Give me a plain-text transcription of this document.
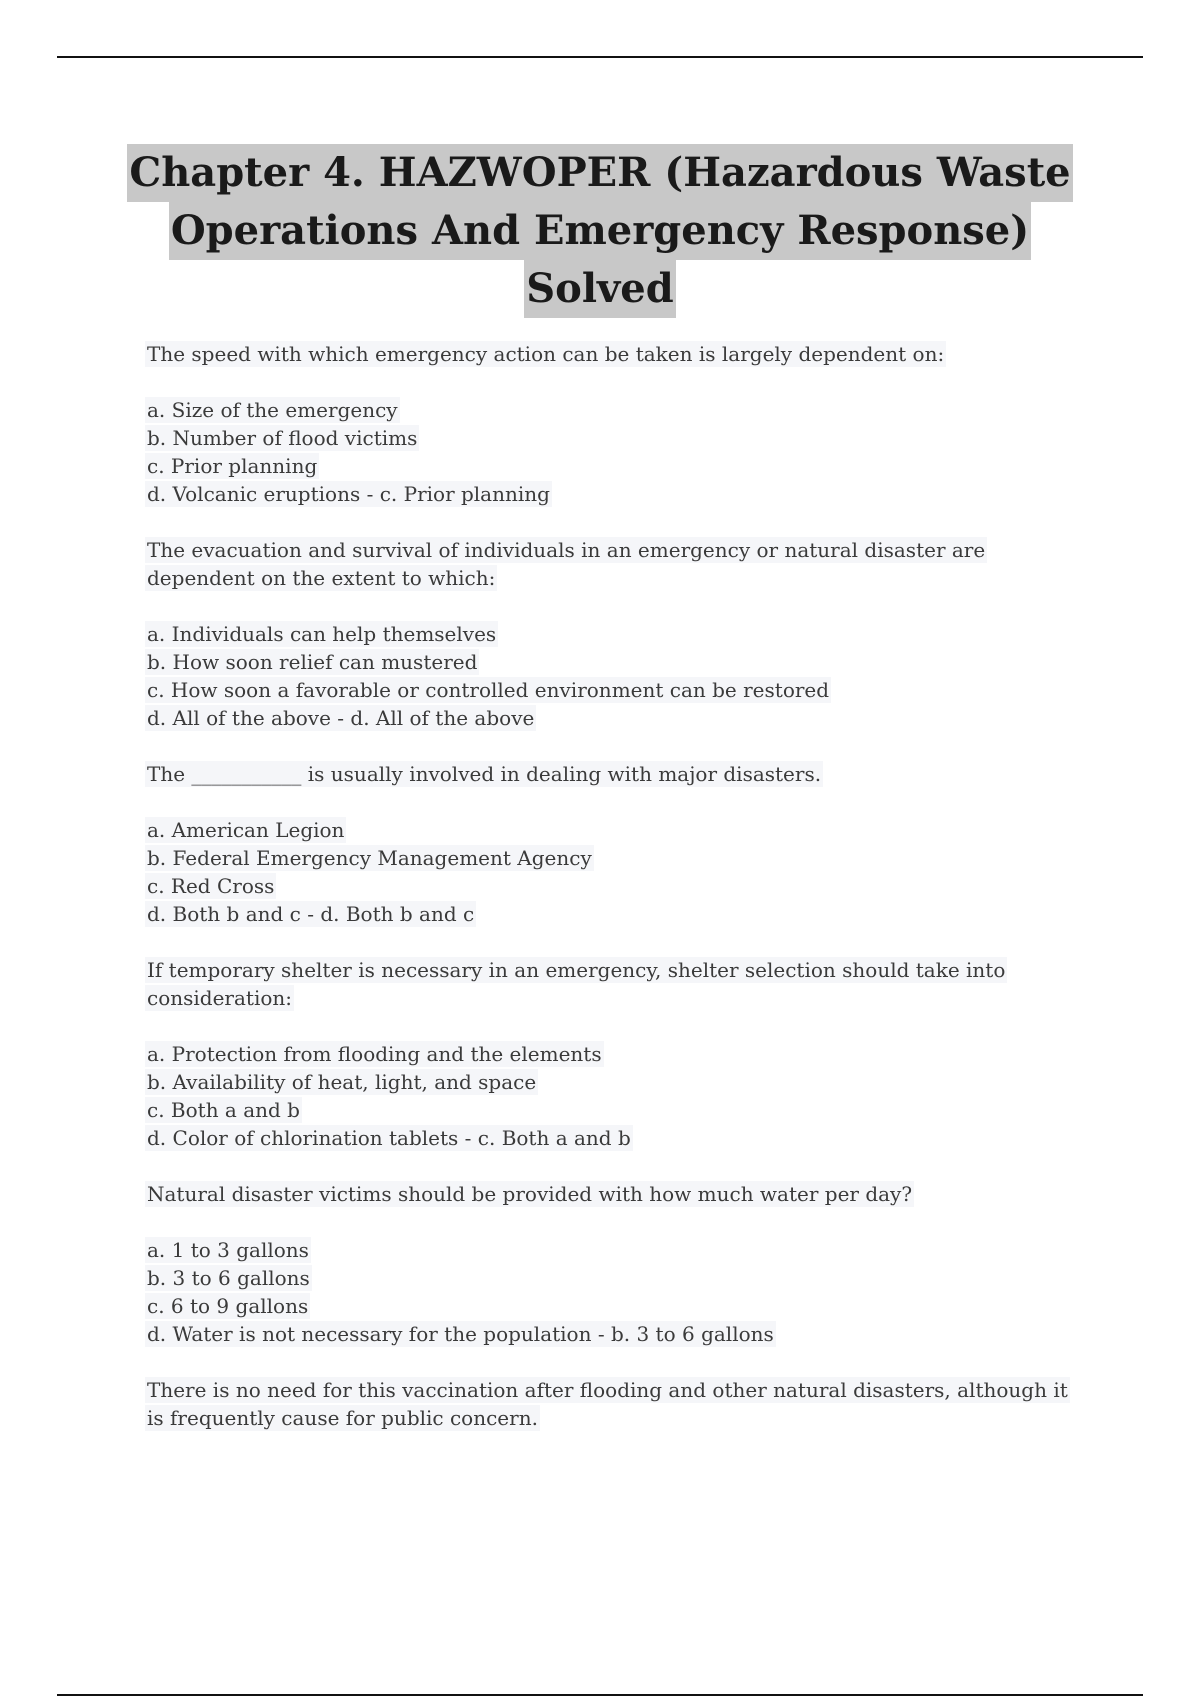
Chapter 4. HAZWOPER (Hazardous Waste
Operations And Emergency Response)
Solved
The speed with which emergency action can be taken is largely dependent on:
a. Size of the emergency
b. Number of flood victims
c. Prior planning
d. Volcanic eruptions - c. Prior planning
The evacuation and survival of individuals in an emergency or natural disaster are dependent on the extent to which:
a. Individuals can help themselves
b. How soon relief can mustered
c. How soon a favorable or controlled environment can be restored
d. All of the above - d. All of the above
The ___________ is usually involved in dealing with major disasters.
a. American Legion
b. Federal Emergency Management Agency
c. Red Cross
d. Both b and c - d. Both b and c
If temporary shelter is necessary in an emergency, shelter selection should take into consideration:
a. Protection from flooding and the elements
b. Availability of heat, light, and space
c. Both a and b
d. Color of chlorination tablets - c. Both a and b
Natural disaster victims should be provided with how much water per day?
a. 1 to 3 gallons
b. 3 to 6 gallons
c. 6 to 9 gallons
d. Water is not necessary for the population - b. 3 to 6 gallons
There is no need for this vaccination after flooding and other natural disasters, although it is frequently cause for public concern.
